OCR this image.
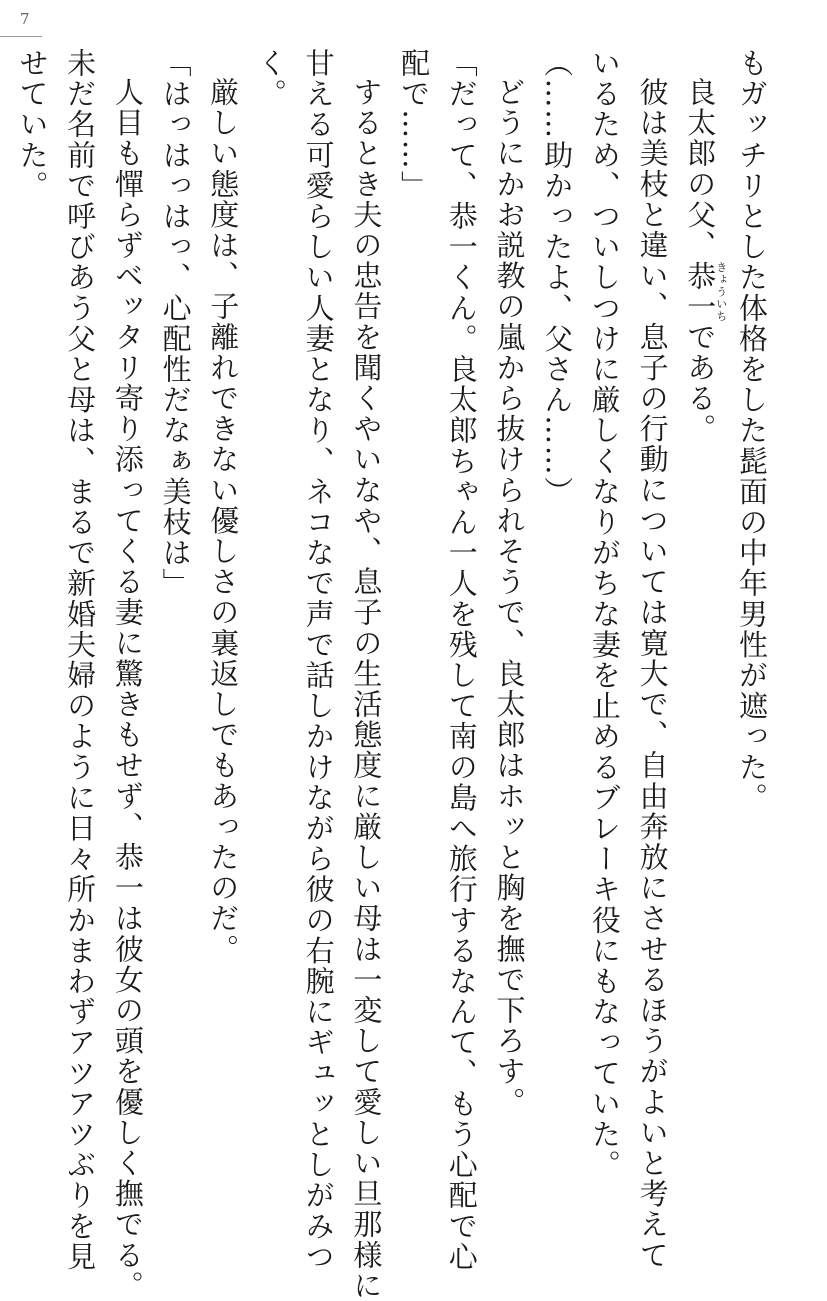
7

もガッチリとした体格をした髭面の中年男性が遮った。

良太郎の父、恭一きょういちである。

彼は美枝と違い、息子の行動については寛大で、自由奔放にさせるほうがよいと考えて

いるため、ついしつけに厳しくなりがちな妻を止めるブレーキ役にもなっていた。

（……助かったよ、父さん……）

どうにかお説教の嵐から抜けられそうで、良太郎はホッと胸を撫で下ろす。

「だって、恭一くん。良太郎ちゃん一人を残して南の島へ旅行するなんて、もう心配で心

配で……」

するとき夫の忠告を聞くやいなや、息子の生活態度に厳しい母は一変して愛しい旦那様に

甘える可愛らしい人妻となり、ネコなで声で話しかけながら彼の右腕にギュッとしがみつ

く。

厳しい態度は、子離れできない優しさの裏返しでもあったのだ。

「はっはっはっ、心配性だなぁ美枝は」

人目も憚らずベッタリ寄り添ってくる妻に驚きもせず、恭一は彼女の頭を優しく撫でる。

未だ名前で呼びあう父と母は、まるで新婚夫婦のように日々所かまわずアツアツぶりを見

せていた。
